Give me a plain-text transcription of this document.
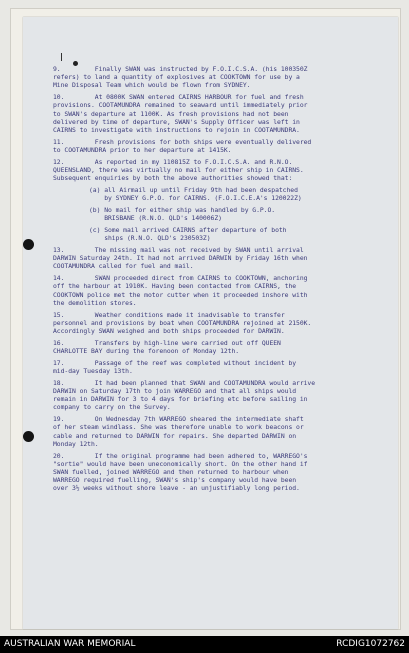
9.         Finally SWAN was instructed by F.O.I.C.S.A. (his 100350Z
refers) to land a quantity of explosives at COOKTOWN for use by a
Mine Disposal Team which would be flown from SYDNEY.
10.        At 0800K SWAN entered CAIRNS HARBOUR for fuel and fresh
provisions. COOTAMUNDRA remained to seaward until immediately prior
to SWAN's departure at 1100K. As fresh provisions had not been
delivered by time of departure, SWAN's Supply Officer was left in
CAIRNS to investigate with instructions to rejoin in COOTAMUNDRA.
11.        Fresh provisions for both ships were eventually delivered
to COOTAMUNDRA prior to her departure at 1415K.
12.        As reported in my 110815Z to F.O.I.C.S.A. and R.N.O.
QUEENSLAND, there was virtually no mail for either ship in CAIRNS.
Subsequent enquiries by both the above authorities showed that:
(a) all Airmail up until Friday 9th had been despatched
by SYDNEY G.P.O. for CAIRNS. (F.O.I.C.E.A's 120022Z)
(b) No mail for either ship was handled by G.P.O.
BRISBANE (R.N.O. QLD's 140006Z)
(c) Some mail arrived CAIRNS after departure of both
ships (R.N.O. QLD's 230503Z)
13.        The missing mail was not received by SWAN until arrival
DARWIN Saturday 24th. It had not arrived DARWIN by Friday 16th when
COOTAMUNDRA called for fuel and mail.
14.        SWAN proceeded direct from CAIRNS to COOKTOWN, anchoring
off the harbour at 1910K. Having been contacted from CAIRNS, the
COOKTOWN police met the motor cutter when it proceeded inshore with
the demolition stores.
15.        Weather conditions made it inadvisable to transfer
personnel and provisions by boat when COOTAMUNDRA rejoined at 2150K.
Accordingly SWAN weighed and both ships proceeded for DARWIN.
16.        Transfers by high-line were carried out off QUEEN
CHARLOTTE BAY during the forenoon of Monday 12th.
17.        Passage of the reef was completed without incident by
mid-day Tuesday 13th.
18.        It had been planned that SWAN and COOTAMUNDRA would arrive
DARWIN on Saturday 17th to join WARREGO and that all ships would
remain in DARWIN for 3 to 4 days for briefing etc before sailing in
company to carry on the Survey.
19.        On Wednesday 7th WARREGO sheared the intermediate shaft
of her steam windlass. She was therefore unable to work beacons or
cable and returned to DARWIN for repairs. She departed DARWIN on
Monday 12th.
20.        If the original programme had been adhered to, WARREGO's
"sortie" would have been uneconomically short. On the other hand if
SWAN fuelled, joined WARREGO and then returned to harbour when
WARREGO required fuelling, SWAN's ship's company would have been
over 3½ weeks without shore leave - an unjustifiably long period.
AUSTRALIAN WAR MEMORIAL	RCDIG1072762
